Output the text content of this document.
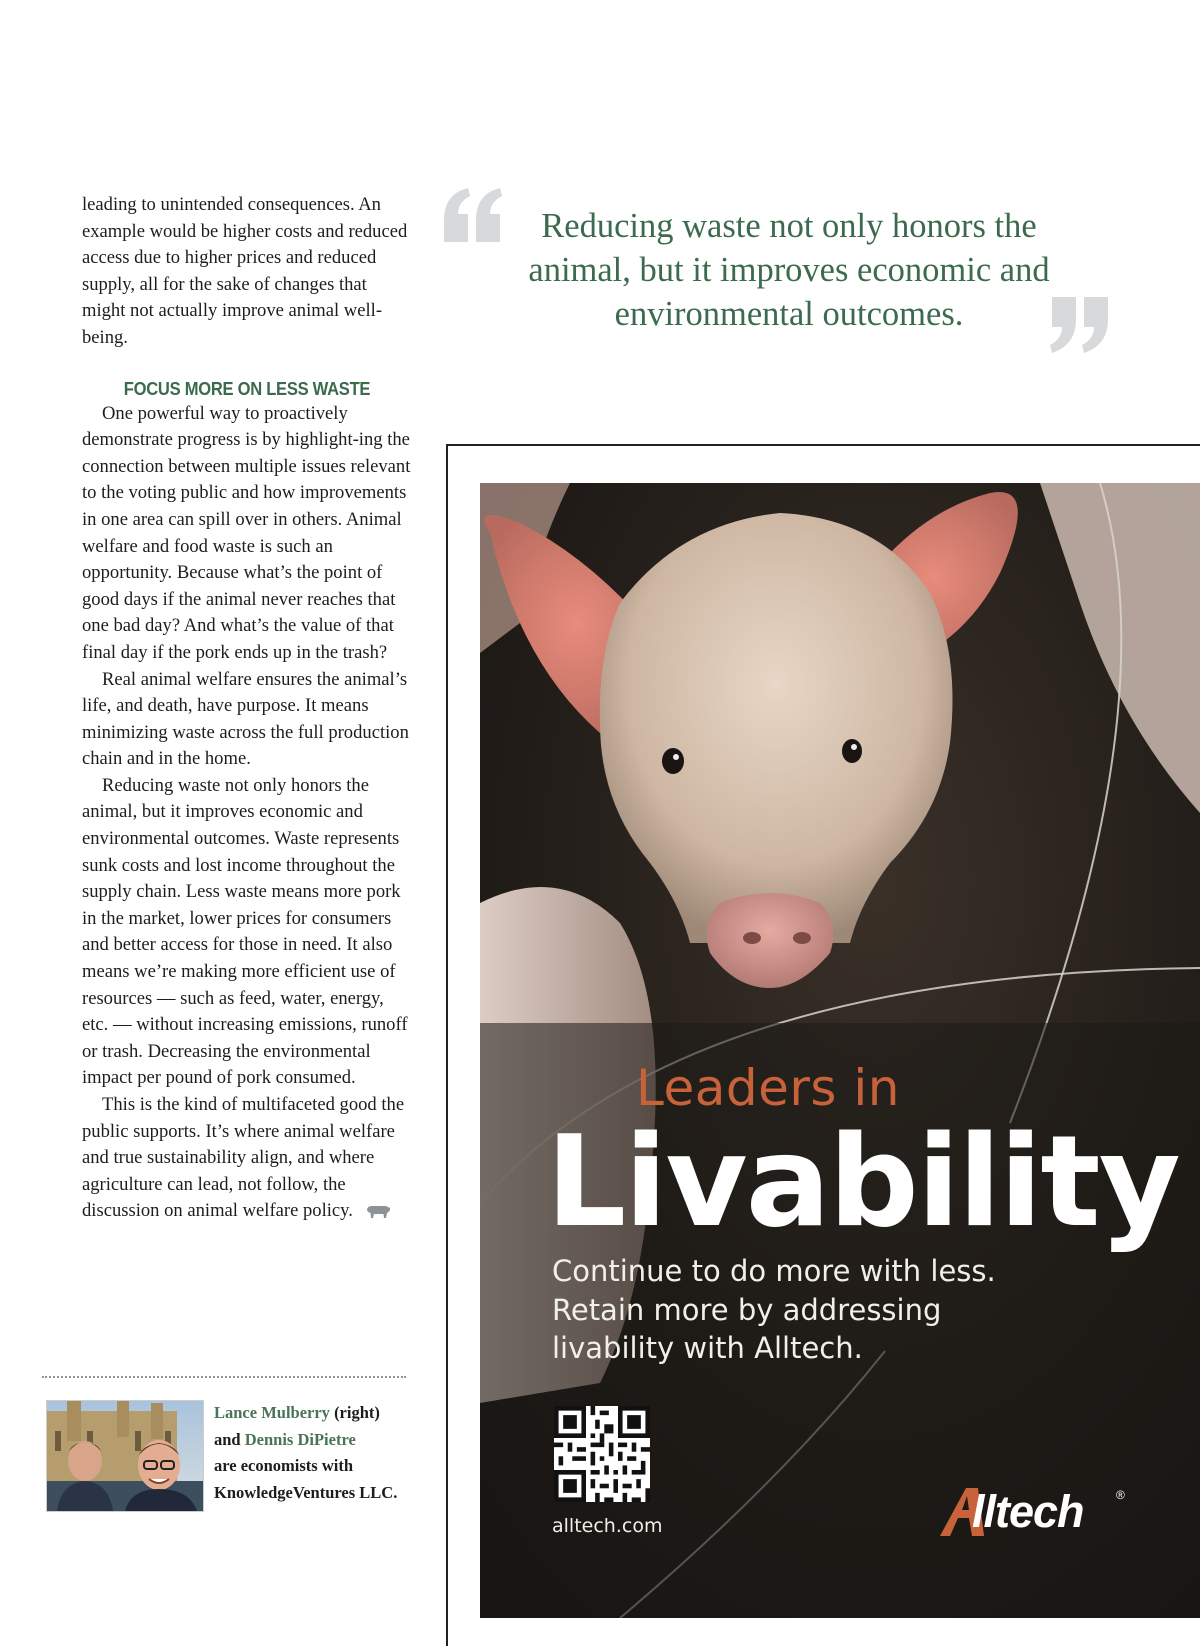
leading to unintended consequences. An example would be higher costs and reduced access due to higher prices and reduced supply, all for the sake of changes that might not actually improve animal well-being.

FOCUS MORE ON LESS WASTE

One powerful way to proactively demonstrate progress is by highlight-ing the connection between multiple issues relevant to the voting public and how improvements in one area can spill over in others. Animal welfare and food waste is such an opportunity. Because what’s the point of good days if the animal never reaches that one bad day? And what’s the value of that final day if the pork ends up in the trash?

Real animal welfare ensures the animal’s life, and death, have purpose. It means minimizing waste across the full production chain and in the home.

Reducing waste not only honors the animal, but it improves economic and environmental outcomes. Waste represents sunk costs and lost income throughout the supply chain. Less waste means more pork in the market, lower prices for consumers and better access for those in need. It also means we’re making more efficient use of resources — such as feed, water, energy, etc. — without increasing emissions, runoff or trash. Decreasing the environmental impact per pound of pork consumed.

This is the kind of multifaceted good the public supports. It’s where animal welfare and true sustainability align, and where agriculture can lead, not follow, the discussion on animal welfare policy.

Lance Mulberry (right)
and Dennis DiPietre
are economists with KnowledgeVentures LLC.
Reducing waste not only honors the animal, but it improves economic and environmental outcomes.
Leaders in
Livability
Continue to do more with less.
Retain more by addressing
livability with Alltech.
alltech.com	lltech	®
